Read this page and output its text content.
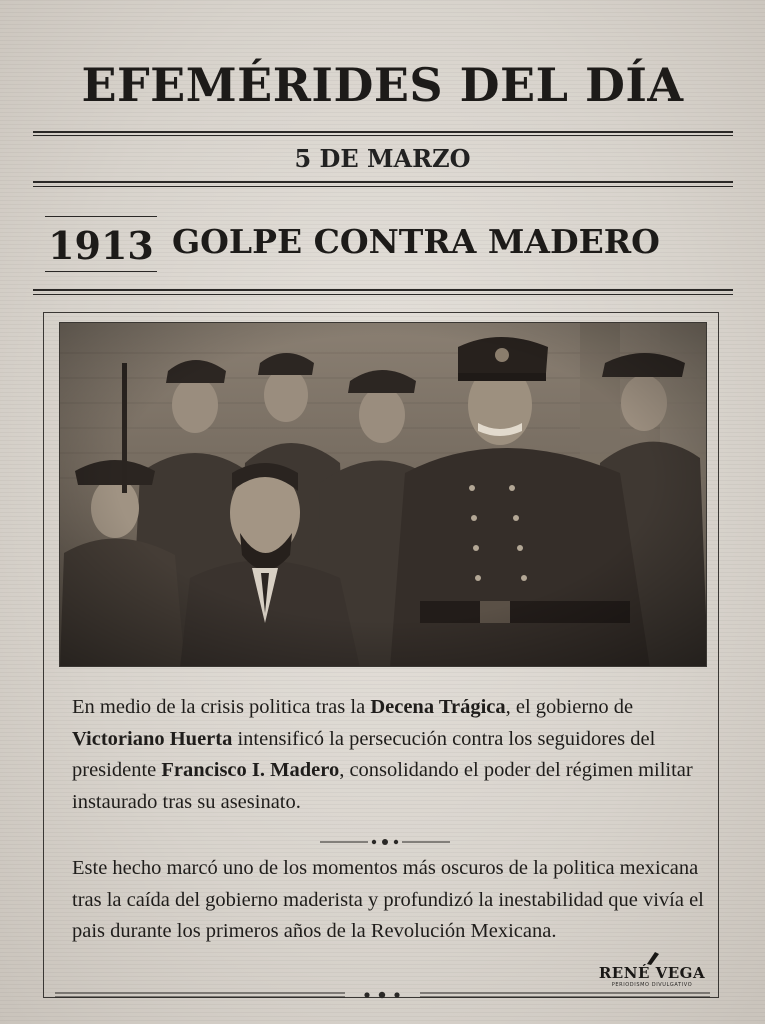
EFEMÉRIDES DEL DÍA
5 DE MARZO
1913 GOLPE CONTRA MADERO
En medio de la crisis politica tras la Decena Trágica, el gobierno de Victoriano Huerta intensificó la persecución contra los seguidores del presidente Francisco I. Madero, consolidando el poder del régimen militar instaurado tras su asesinato.
Este hecho marcó uno de los momentos más oscuros de la politica mexicana tras la caída del gobierno maderista y profundizó la inestabilidad que vivía el pais durante los primeros años de la Revolución Mexicana.
RENÉ VEGA
PERIODISMO DIVULGATIVO
